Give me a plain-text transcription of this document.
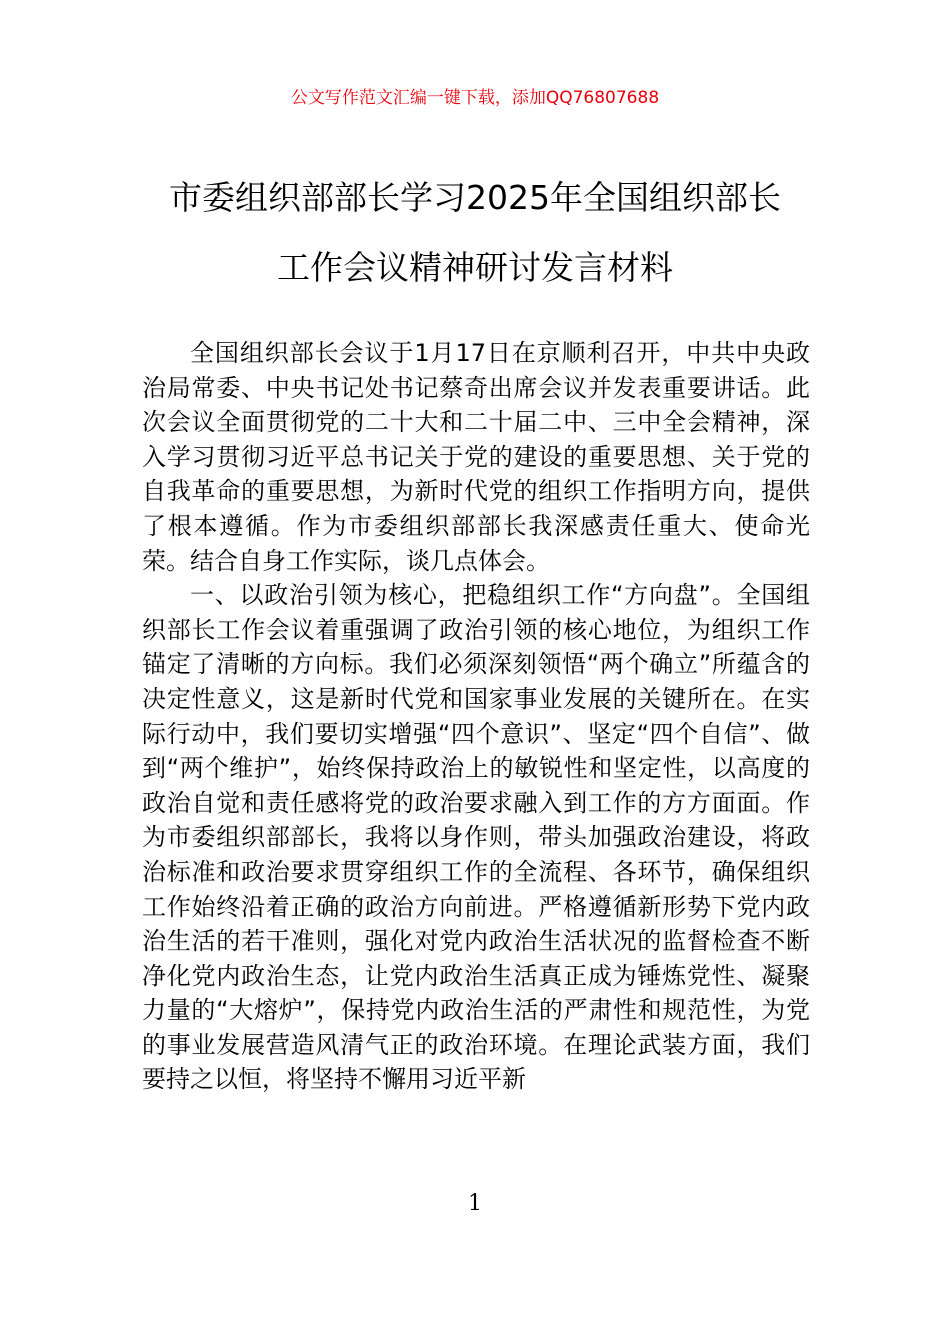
公文写作范文汇编一键下载，添加QQ76807688
市委组织部部长学习2025年全国组织部长
工作会议精神研讨发言材料

全国组织部长会议于1月17日在京顺利召开，中共中央政治局常委、中央书记处书记蔡奇出席会议并发表重要讲话。此次会议全面贯彻党的二十大和二十届二中、三中全会精神，深入学习贯彻习近平总书记关于党的建设的重要思想、关于党的自我革命的重要思想，为新时代党的组织工作指明方向，提供了根本遵循。作为市委组织部部长我深感责任重大、使命光荣。结合自身工作实际，谈几点体会。

一、以政治引领为核心，把稳组织工作“方向盘”。全国组织部长工作会议着重强调了政治引领的核心地位，为组织工作锚定了清晰的方向标。我们必须深刻领悟“两个确立”所蕴含的决定性意义，这是新时代党和国家事业发展的关键所在。在实际行动中，我们要切实增强“四个意识”、坚定“四个自信”、做到“两个维护”，始终保持政治上的敏锐性和坚定性，以高度的政治自觉和责任感将党的政治要求融入到工作的方方面面。作为市委组织部部长，我将以身作则，带头加强政治建设，将政治标准和政治要求贯穿组织工作的全流程、各环节，确保组织工作始终沿着正确的政治方向前进。严格遵循新形势下党内政治生活的若干准则，强化对党内政治生活状况的监督检查不断净化党内政治生态，让党内政治生活真正成为锤炼党性、凝聚力量的“大熔炉”，保持党内政治生活的严肃性和规范性，为党的事业发展营造风清气正的政治环境。在理论武装方面，我们要持之以恒，将坚持不懈用习近平新

1
